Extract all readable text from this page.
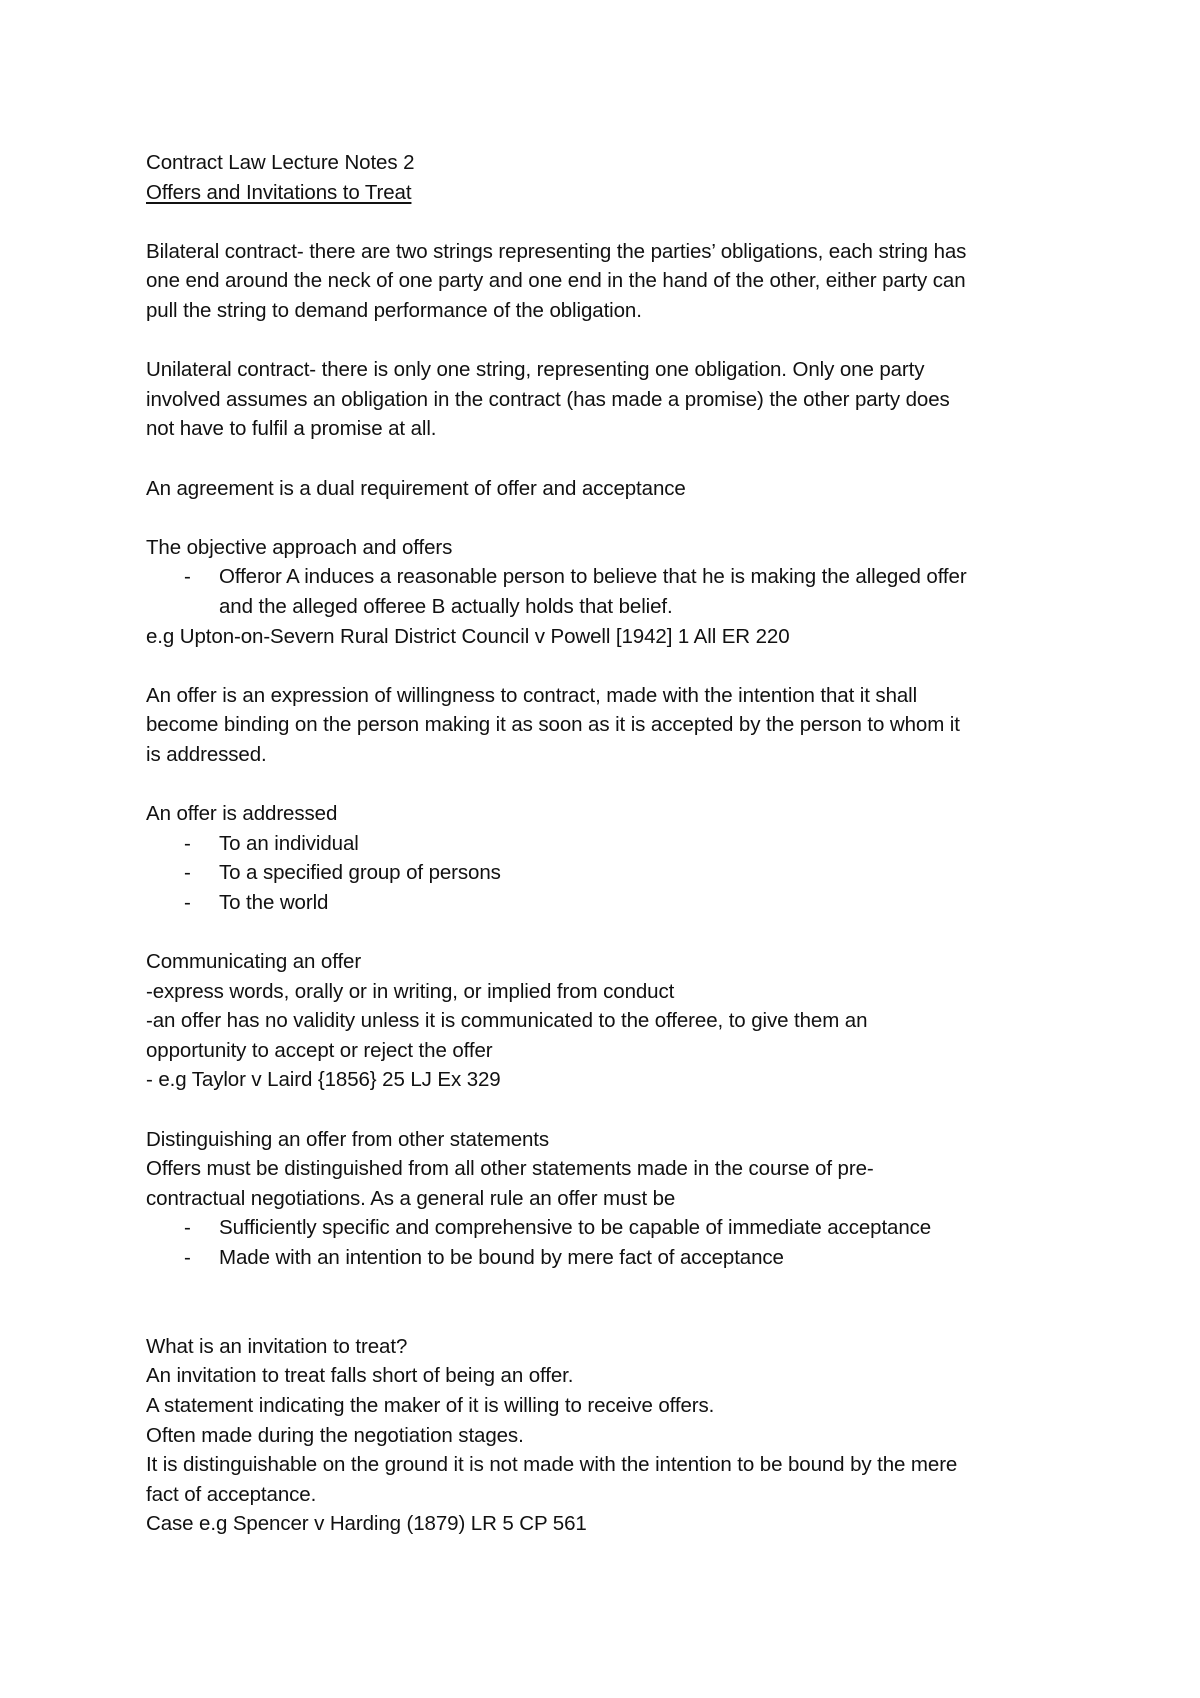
Contract Law Lecture Notes 2

Offers and Invitations to Treat

Bilateral contract- there are two strings representing the parties’ obligations, each string has

one end around the neck of one party and one end in the hand of the other, either party can

pull the string to demand performance of the obligation.

Unilateral contract- there is only one string, representing one obligation. Only one party

involved assumes an obligation in the contract (has made a promise) the other party does

not have to fulfil a promise at all.

An agreement is a dual requirement of offer and acceptance

The objective approach and offers

- Offeror A induces a reasonable person to believe that he is making the alleged offer
and the alleged offeree B actually holds that belief.

e.g Upton-on-Severn Rural District Council v Powell [1942] 1 All ER 220

An offer is an expression of willingness to contract, made with the intention that it shall

become binding on the person making it as soon as it is accepted by the person to whom it

is addressed.

An offer is addressed

- To an individual
- To a specified group of persons
- To the world

Communicating an offer

-express words, orally or in writing, or implied from conduct

-an offer has no validity unless it is communicated to the offeree, to give them an

opportunity to accept or reject the offer

- e.g Taylor v Laird {1856} 25 LJ Ex 329

Distinguishing an offer from other statements

Offers must be distinguished from all other statements made in the course of pre-

contractual negotiations. As a general rule an offer must be

- Sufficiently specific and comprehensive to be capable of immediate acceptance
- Made with an intention to be bound by mere fact of acceptance

What is an invitation to treat?

An invitation to treat falls short of being an offer.

A statement indicating the maker of it is willing to receive offers.

Often made during the negotiation stages.

It is distinguishable on the ground it is not made with the intention to be bound by the mere

fact of acceptance.

Case e.g Spencer v Harding (1879) LR 5 CP 561
